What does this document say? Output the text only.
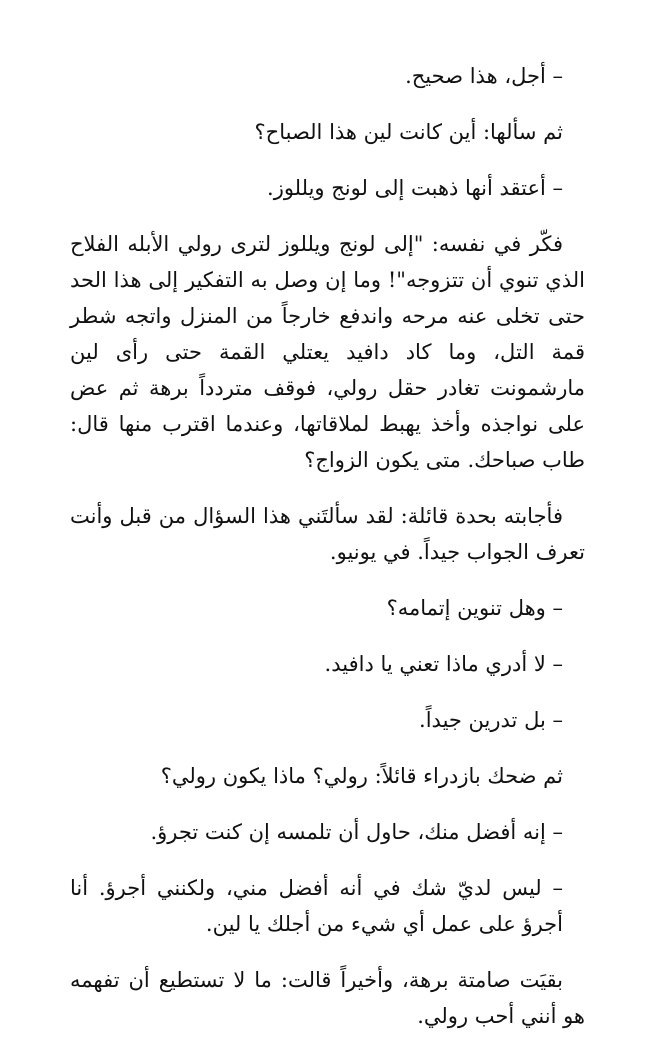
– أجل، هذا صحيح.

ثم سألها: أين كانت لين هذا الصباح؟

– أعتقد أنها ذهبت إلى لونج ويللوز.

فكّر في نفسه: "إلى لونج ويللوز لترى رولي الأبله الفلاح الذي تنوي أن تتزوجه"! وما إن وصل به التفكير إلى هذا الحد حتى تخلى عنه مرحه واندفع خارجاً من المنزل واتجه شطر قمة التل، وما كاد دافيد يعتلي القمة حتى رأى لين مارشمونت تغادر حقل رولي، فوقف متردداً برهة ثم عض على نواجذه وأخذ يهبط لملاقاتها، وعندما اقترب منها قال: طاب صباحك. متى يكون الزواج؟

فأجابته بحدة قائلة: لقد سألتَني هذا السؤال من قبل وأنت تعرف الجواب جيداً. في يونيو.

– وهل تنوين إتمامه؟

– لا أدري ماذا تعني يا دافيد.

– بل تدرين جيداً.

ثم ضحك بازدراء قائلاً: رولي؟ ماذا يكون رولي؟

– إنه أفضل منك، حاول أن تلمسه إن كنت تجرؤ.

– ليس لديّ شك في أنه أفضل مني، ولكنني أجرؤ. أنا أجرؤ على عمل أي شيء من أجلك يا لين.

بقيَت صامتة برهة، وأخيراً قالت: ما لا تستطيع أن تفهمه هو أنني أحب رولي.
